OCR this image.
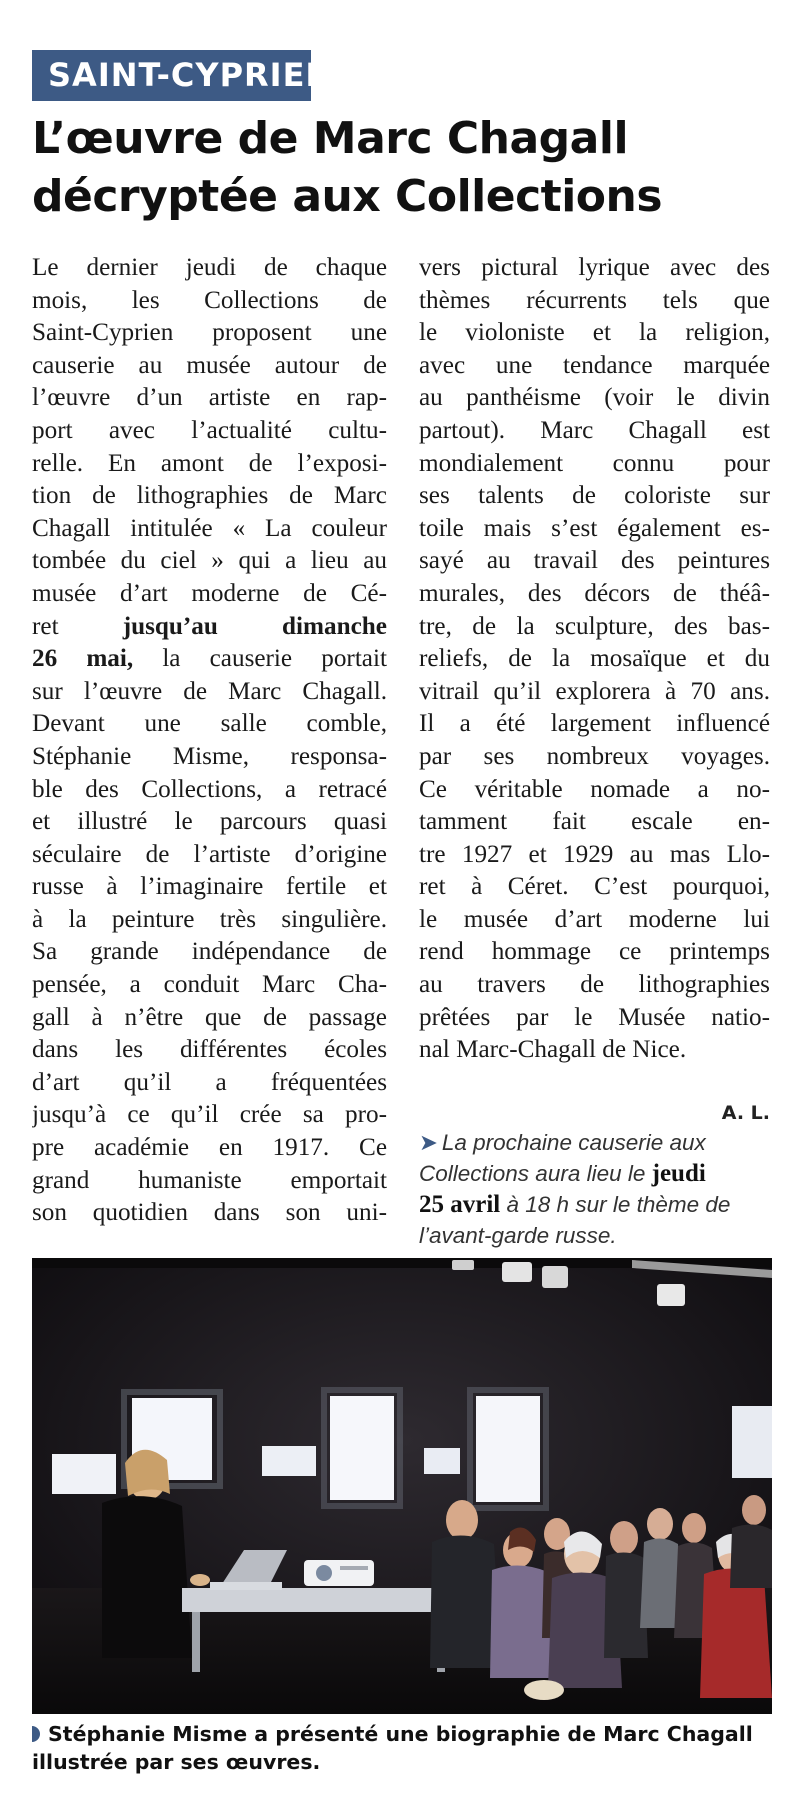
SAINT-CYPRIEN
L’œuvre de Marc Chagall
décryptée aux Collections
Le dernier jeudi de chaque
mois, les Collections de
Saint-Cyprien proposent une
causerie au musée autour de
l’œuvre d’un artiste en rap-
port avec l’actualité cultu-
relle. En amont de l’exposi-
tion de lithographies de Marc
Chagall intitulée « La couleur
tombée du ciel » qui a lieu au
musée d’art moderne de Cé-
ret	jusqu’au dimanche
26 mai, la causerie portait
sur l’œuvre de Marc Chagall.
Devant une salle comble,
Stéphanie Misme, responsa-
ble des Collections, a retracé
et illustré le parcours quasi
séculaire de l’artiste d’origine
russe à l’imaginaire fertile et
à la peinture très singulière.
Sa grande indépendance de
pensée, a conduit Marc Cha-
gall à n’être que de passage
dans les différentes écoles
d’art qu’il a fréquentées
jusqu’à ce qu’il crée sa pro-
pre académie en 1917. Ce
grand humaniste emportait
son quotidien dans son uni-
vers pictural lyrique avec des
thèmes récurrents tels que
le violoniste et la religion,
avec une tendance marquée
au panthéisme (voir le divin
partout). Marc Chagall est
mondialement connu pour
ses talents de coloriste sur
toile mais s’est également es-
sayé au travail des peintures
murales, des décors de théâ-
tre, de la sculpture, des bas-
reliefs, de la mosaïque et du
vitrail qu’il explorera à 70 ans.
Il a été largement influencé
par ses nombreux voyages.
Ce véritable nomade a no-
tamment fait escale en-
tre 1927 et 1929 au mas Llo-
ret à Céret. C’est pourquoi,
le musée d’art moderne lui
rend hommage ce printemps
au travers de lithographies
prêtées par le Musée natio-
nal Marc-Chagall de Nice.
A. L.
➤ La prochaine causerie aux
Collections aura lieu le jeudi
25 avril à 18 h sur le thème de
l’avant-garde russe.
Stéphanie Misme a présenté une biographie de Marc Chagall
illustrée par ses œuvres.
